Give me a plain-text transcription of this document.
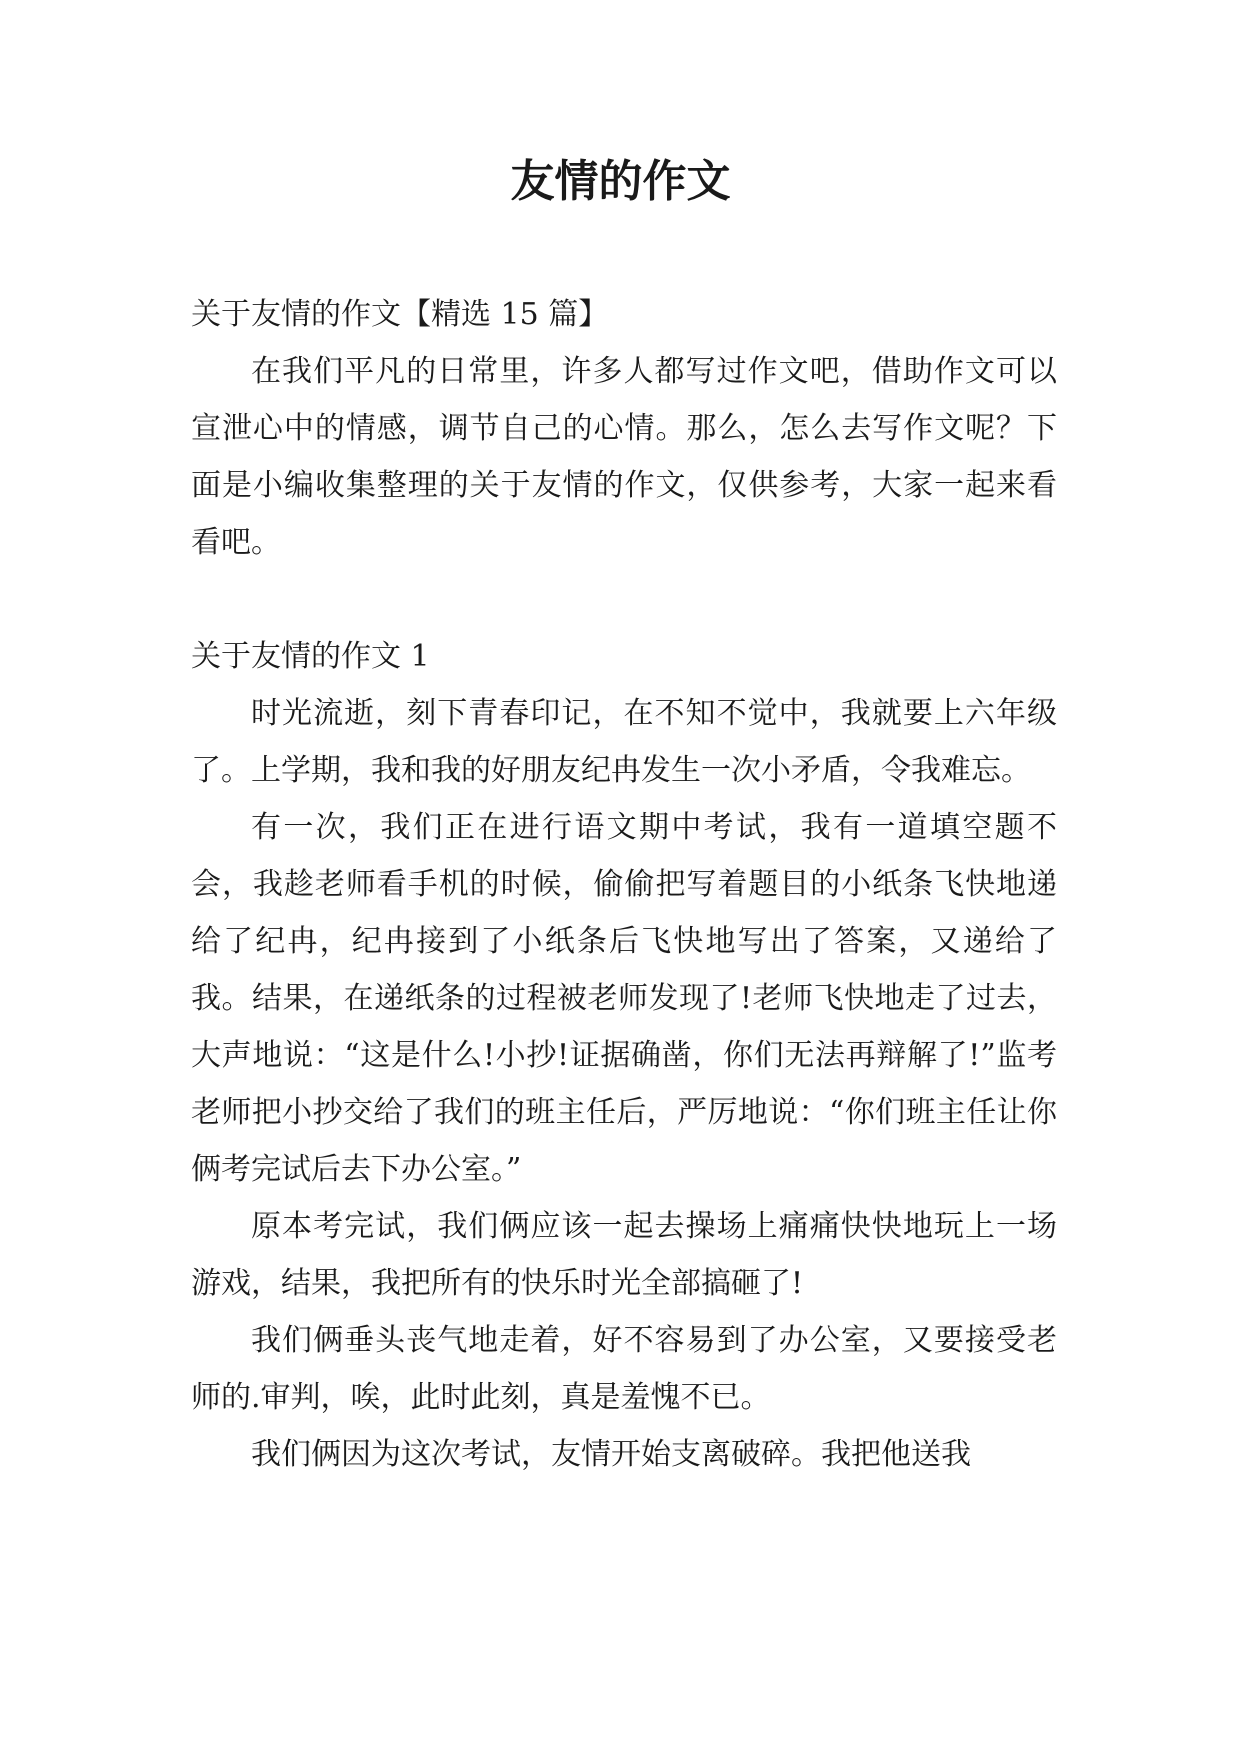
友情的作文

关于友情的作文【精选 15 篇】

在我们平凡的日常里，许多人都写过作文吧，借助作文可以宣泄心中的情感，调节自己的心情。那么，怎么去写作文呢？下面是小编收集整理的关于友情的作文，仅供参考，大家一起来看看吧。

关于友情的作文 1

时光流逝，刻下青春印记，在不知不觉中，我就要上六年级了。上学期，我和我的好朋友纪冉发生一次小矛盾，令我难忘。

有一次，我们正在进行语文期中考试，我有一道填空题不会，我趁老师看手机的时候，偷偷把写着题目的小纸条飞快地递给了纪冉，纪冉接到了小纸条后飞快地写出了答案，又递给了我。结果，在递纸条的过程被老师发现了!老师飞快地走了过去，大声地说：“这是什么!小抄!证据确凿，你们无法再辩解了!”监考老师把小抄交给了我们的班主任后，严厉地说：“你们班主任让你俩考完试后去下办公室。”

原本考完试，我们俩应该一起去操场上痛痛快快地玩上一场游戏，结果，我把所有的快乐时光全部搞砸了!

我们俩垂头丧气地走着，好不容易到了办公室，又要接受老师的.审判，唉，此时此刻，真是羞愧不已。

我们俩因为这次考试，友情开始支离破碎。我把他送我
